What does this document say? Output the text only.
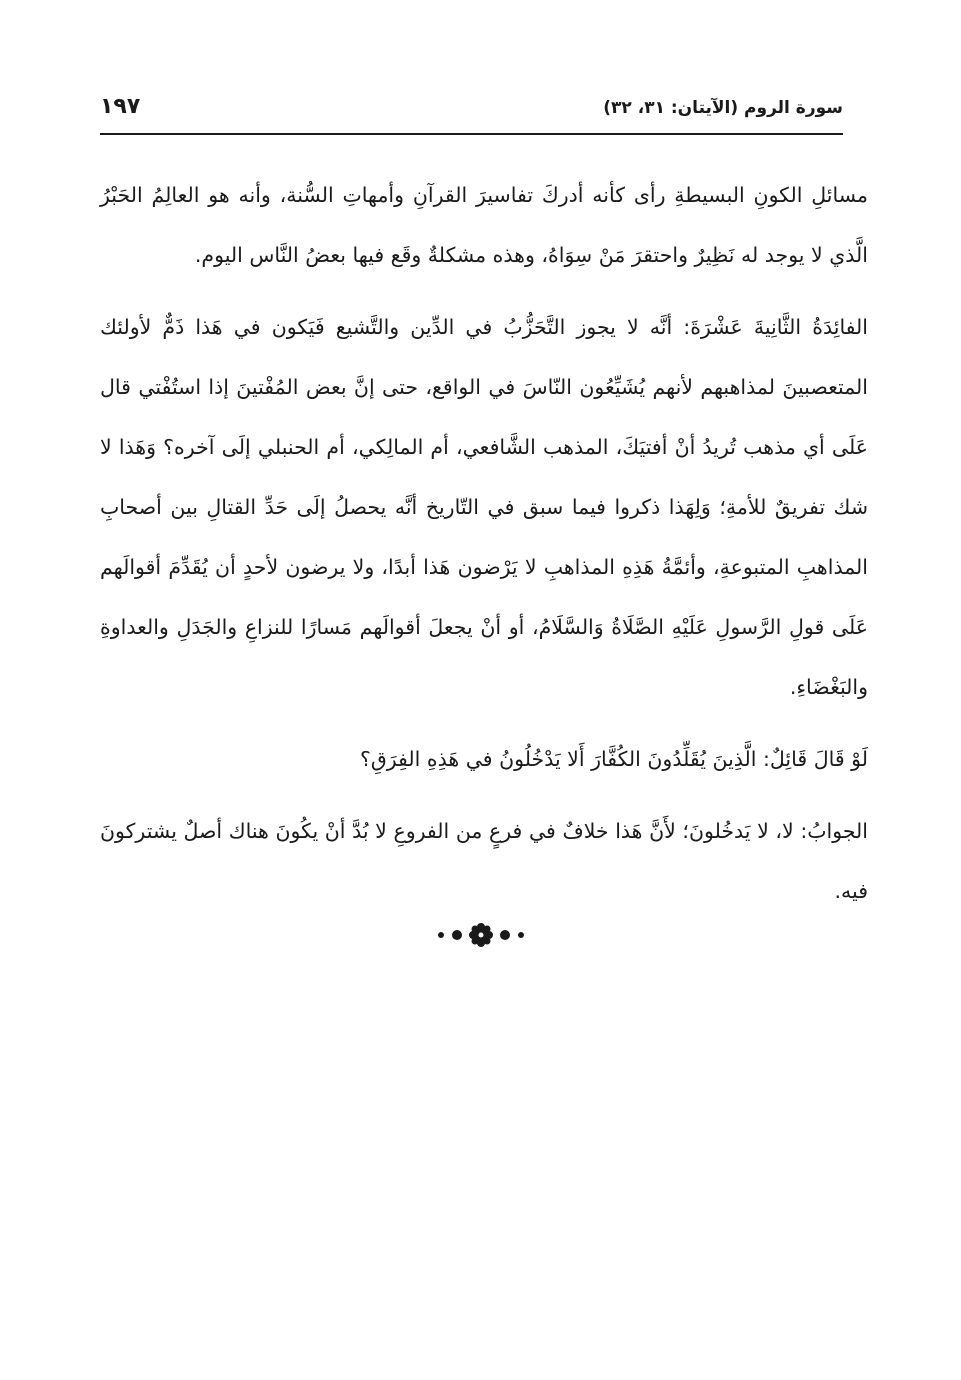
سورة الروم (الآيتان: ٣١، ٣٢)
١٩٧

مسائلِ الكونِ البسيطةِ رأى كأنه أدركَ تفاسيرَ القرآنِ وأمهاتِ السُّنة، وأنه هو العالِمُ الحَبْرُ الَّذي لا يوجد له نَظِيرٌ واحتقرَ مَنْ سِوَاهُ، وهذه مشكلةٌ وقَع فيها بعضُ النَّاس اليوم.

الفائِدَةُ الثَّانِيةَ عَشْرَةَ: أنَّه لا يجوز التَّحَزُّبُ في الدِّين والتَّشيع فَيَكون في هَذا ذَمٌّ لأولئك المتعصبينَ لمذاهبهم لأنهم يُشَيِّعُون النّاسَ في الواقع، حتى إنَّ بعض المُفْتينَ إذا استُفْتي قال عَلَى أي مذهب تُريدُ أنْ أفتيَكَ، المذهب الشَّافعي، أم المالِكي، أم الحنبلي إلَى آخره؟ وَهَذا لا شك تفريقٌ للأمةِ؛ وَلِهَذا ذكروا فيما سبق في التّاريخ أنَّه يحصلُ إلَى حَدِّ القتالِ بين أصحابِ المذاهبِ المتبوعةِ، وأئمَّةُ هَذِهِ المذاهبِ لا يَرْضون هَذا أبدًا، ولا يرضون لأحدٍ أن يُقَدِّمَ أقوالَهم عَلَى قولِ الرَّسولِ عَلَيْهِ الصَّلَاةُ وَالسَّلَامُ، أو أنْ يجعلَ أقوالَهم مَسارًا للنزاعِ والجَدَلِ والعداوةِ والبَغْضَاءِ.

لَوْ قَالَ قَائِلٌ: الَّذِينَ يُقَلِّدُونَ الكُفَّارَ أَلا يَدْخُلُونُ في هَذِهِ الفِرَقِ؟

الجوابُ: لا، لا يَدخُلونَ؛ لأَنَّ هَذا خلافٌ في فرعٍ من الفروعِ لا بُدَّ أنْ يكُونَ هناك أصلٌ يشتركونَ فيه.
